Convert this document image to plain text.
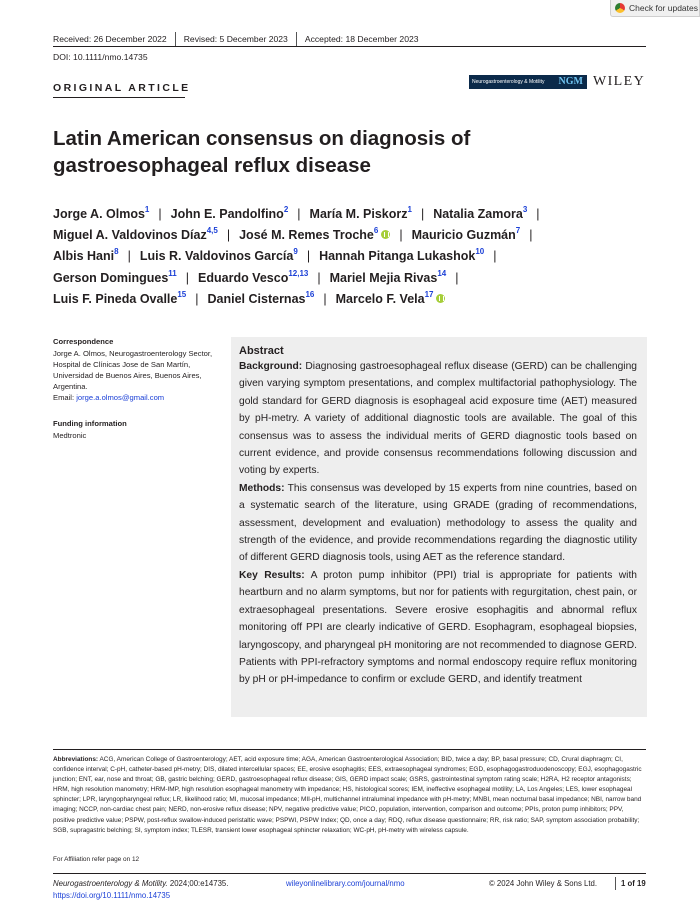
Check for updates
Received: 26 December 2022 Revised: 5 December 2023 Accepted: 18 December 2023
DOI: 10.1111/nmo.14735
ORIGINAL ARTICLE	Neurogastroenterology & Motility NGM WILEY
Latin American consensus on diagnosis of gastroesophageal reflux disease
Jorge A. Olmos$^1$ | John E. Pandolfino$^2$ | María M. Piskorz$^1$ | Natalia Zamora$^3$ |
Miguel A. Valdovinos Díaz$^{4,5}$ | José M. Remes Troche$^6$ | Mauricio Guzmán$^7$ |
Albis Hani$^8$ | Luis R. Valdovinos García$^9$ | Hannah Pitanga Lukashok$^{10}$ |
Gerson Domingues$^{11}$ | Eduardo Vesco$^{12,13}$ | Mariel Mejia Rivas$^{14}$ |
Luis F. Pineda Ovalle$^{15}$ | Daniel Cisternas$^{16}$ | Marcelo F. Vela$^{17}$
Correspondence
Jorge A. Olmos, Neurogastroenterology Sector, Hospital de Clínicas Jose de San Martín, Universidad de Buenos Aires, Buenos Aires, Argentina.
Email: jorge.a.olmos@gmail.com
Funding information
Medtronic
Abstract

Background: Diagnosing gastroesophageal reflux disease (GERD) can be challenging given varying symptom presentations, and complex multifactorial pathophysiology. The gold standard for GERD diagnosis is esophageal acid exposure time (AET) measured by pH-metry. A variety of additional diagnostic tools are available. The goal of this consensus was to assess the individual merits of GERD diagnostic tools based on current evidence, and provide consensus recommendations following discussion and voting by experts.

Methods: This consensus was developed by 15 experts from nine countries, based on a systematic search of the literature, using GRADE (grading of recommendations, assessment, development and evaluation) methodology to assess the quality and strength of the evidence, and provide recommendations regarding the diagnostic utility of different GERD diagnosis tools, using AET as the reference standard.

Key Results: A proton pump inhibitor (PPI) trial is appropriate for patients with heartburn and no alarm symptoms, but nor for patients with regurgitation, chest pain, or extraesophageal presentations. Severe erosive esophagitis and abnormal reflux monitoring off PPI are clearly indicative of GERD. Esophagram, esophageal biopsies, laryngoscopy, and pharyngeal pH monitoring are not recommended to diagnose GERD. Patients with PPI-refractory symptoms and normal endoscopy require reflux monitoring by pH or pH-impedance to confirm or exclude GERD, and identify treatment

Abbreviations: ACG, American College of Gastroenterology; AET, acid exposure time; AGA, American Gastroenterological Association; BID, twice a day; BP, basal pressure; CD, Crural diaphragm; CI, confidence interval; C-pH, catheter-based pH-metry; DIS, dilated intercellular spaces; EE, erosive esophagitis; EES, extraesophageal syndromes; EGD, esophagogastroduodenoscopy; EGJ, esophagogastric junction; ENT, ear, nose and throat; GB, gastric belching; GERD, gastroesophageal reflux disease; GIS, GERD impact scale; GSRS, gastrointestinal symptom rating scale; H2RA, H2 receptor antagonists; HRM, high resolution manometry; HRM-IMP, high resolution esophageal manometry with impedance; HS, histological scores; IEM, ineffective esophageal motility; LA, Los Angeles; LES, lower esophageal sphincter; LPR, laryngopharyngeal reflux; LR, likelihood ratio; MI, mucosal impedance; MII-pH, multichannel intraluminal impedance with pH-metry; MNBI, mean nocturnal basal impedance; NBI, narrow band imaging; NCCP, non-cardiac chest pain; NERD, non-erosive reflux disease; NPV, negative predictive value; PICO, population, intervention, comparison and outcome; PPIs, proton pump inhibitors; PPV, positive predictive value; PSPW, post-reflux swallow-induced peristaltic wave; PSPWI, PSPW Index; QD, once a day; RDQ, reflux disease questionnaire; RR, risk ratio; SAP, symptom association probability; SGB, supragastric belching; SI, symptom index; TLESR, transient lower esophageal sphincter relaxation; WC-pH, pH-metry with wireless capsule.
For Affiliation refer page on 12
Neurogastroenterology & Motility. 2024;00:e14735.
https://doi.org/10.1111/nmo.14735
wileyonlinelibrary.com/journal/nmo	© 2024 John Wiley & Sons Ltd.	1 of 19
